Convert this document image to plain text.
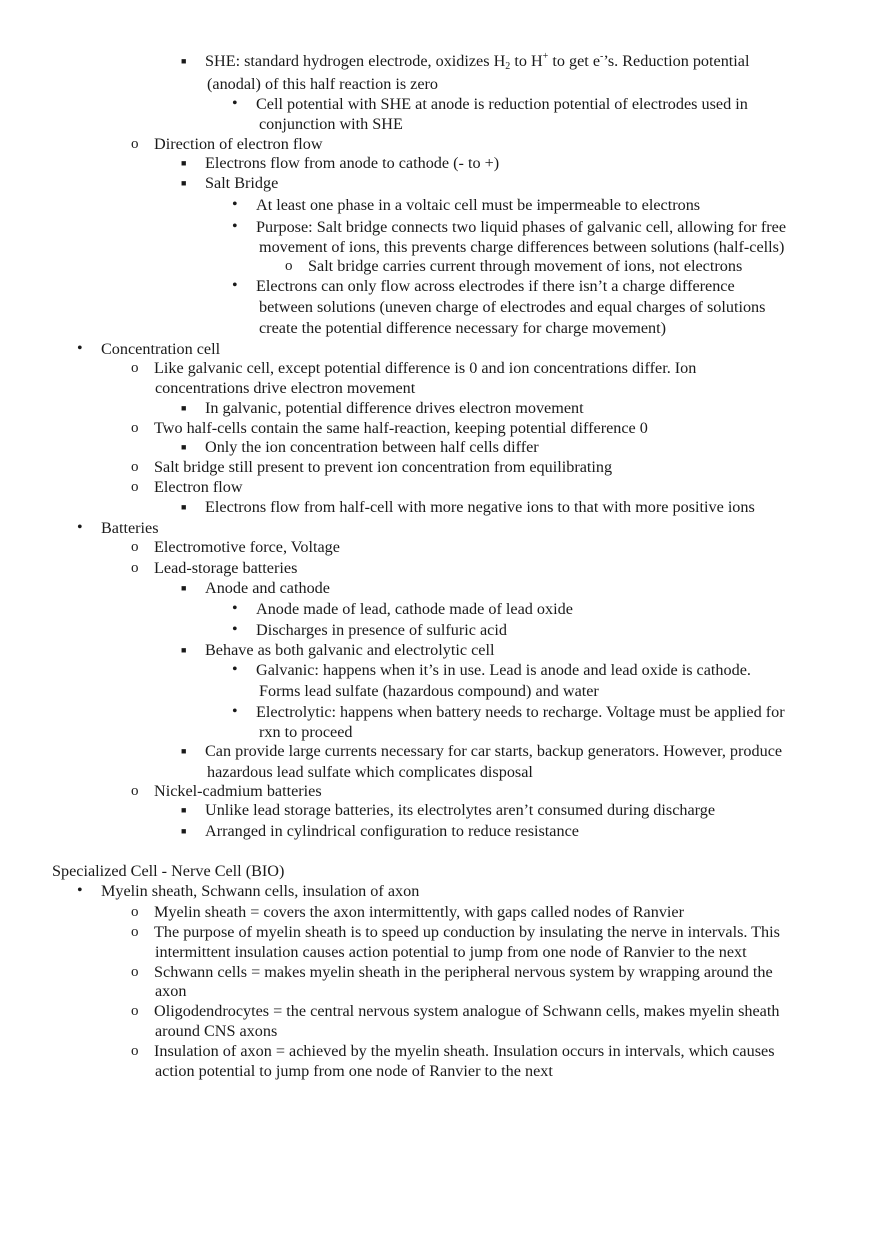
■ SHE: standard hydrogen electrode, oxidizes $H_2$ to H+ to get e-’s. Reduction potential
(anodal) of this half reaction is zero
• Cell potential with SHE at anode is reduction potential of electrodes used in
conjunction with SHE
o Direction of electron flow
■ Electrons flow from anode to cathode (- to +)
■ Salt Bridge
• At least one phase in a voltaic cell must be impermeable to electrons
• Purpose: Salt bridge connects two liquid phases of galvanic cell, allowing for free
movement of ions, this prevents charge differences between solutions (half-cells)
o Salt bridge carries current through movement of ions, not electrons
• Electrons can only flow across electrodes if there isn’t a charge difference
between solutions (uneven charge of electrodes and equal charges of solutions
create the potential difference necessary for charge movement)
• Concentration cell
o Like galvanic cell, except potential difference is 0 and ion concentrations differ. Ion
concentrations drive electron movement
■ In galvanic, potential difference drives electron movement
o Two half-cells contain the same half-reaction, keeping potential difference 0
■ Only the ion concentration between half cells differ
o Salt bridge still present to prevent ion concentration from equilibrating
o Electron flow
■ Electrons flow from half-cell with more negative ions to that with more positive ions
• Batteries
o Electromotive force, Voltage
o Lead-storage batteries
■ Anode and cathode
• Anode made of lead, cathode made of lead oxide
• Discharges in presence of sulfuric acid
■ Behave as both galvanic and electrolytic cell
• Galvanic: happens when it’s in use. Lead is anode and lead oxide is cathode.
Forms lead sulfate (hazardous compound) and water
• Electrolytic: happens when battery needs to recharge. Voltage must be applied for
rxn to proceed
■ Can provide large currents necessary for car starts, backup generators. However, produce
hazardous lead sulfate which complicates disposal
o Nickel-cadmium batteries
■ Unlike lead storage batteries, its electrolytes aren’t consumed during discharge
■ Arranged in cylindrical configuration to reduce resistance
Specialized Cell - Nerve Cell (BIO)
• Myelin sheath, Schwann cells, insulation of axon
o Myelin sheath = covers the axon intermittently, with gaps called nodes of Ranvier
o The purpose of myelin sheath is to speed up conduction by insulating the nerve in intervals. This
intermittent insulation causes action potential to jump from one node of Ranvier to the next
o Schwann cells = makes myelin sheath in the peripheral nervous system by wrapping around the
axon
o Oligodendrocytes = the central nervous system analogue of Schwann cells, makes myelin sheath
around CNS axons
o Insulation of axon = achieved by the myelin sheath. Insulation occurs in intervals, which causes
action potential to jump from one node of Ranvier to the next
